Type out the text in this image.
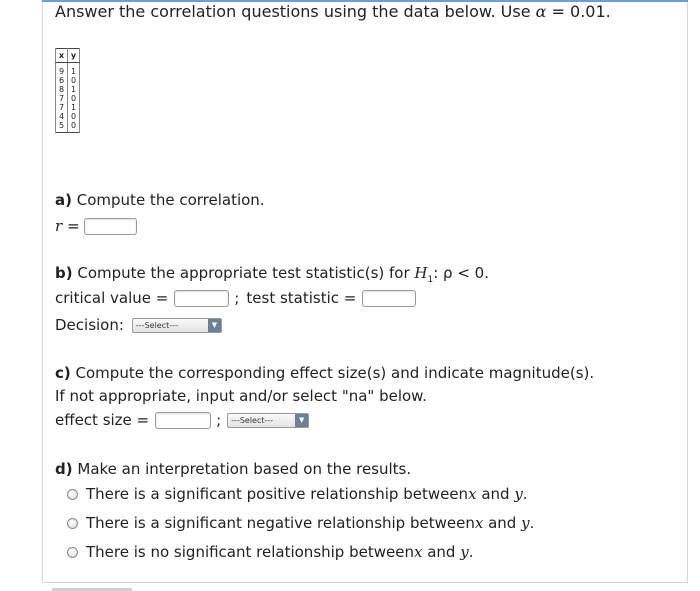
Answer the correlation questions using the data below. Use α = 0.01.
x	y
9	1
6	0
8	1
7	0
7	1
4	0
5	0
a) Compute the correlation.
r =
b) Compute the appropriate test statistic(s) for $H_1$: ρ < 0.
critical value =	; test statistic =
Decision: ---Select---	▼
c) Compute the corresponding effect size(s) and indicate magnitude(s).
If not appropriate, input and/or select "na" below.
effect size =	; ---Select---	▼
d) Make an interpretation based on the results.
There is a significant positive relationship between x and y .
There is a significant negative relationship between x and y .
There is no significant relationship between x and y .
